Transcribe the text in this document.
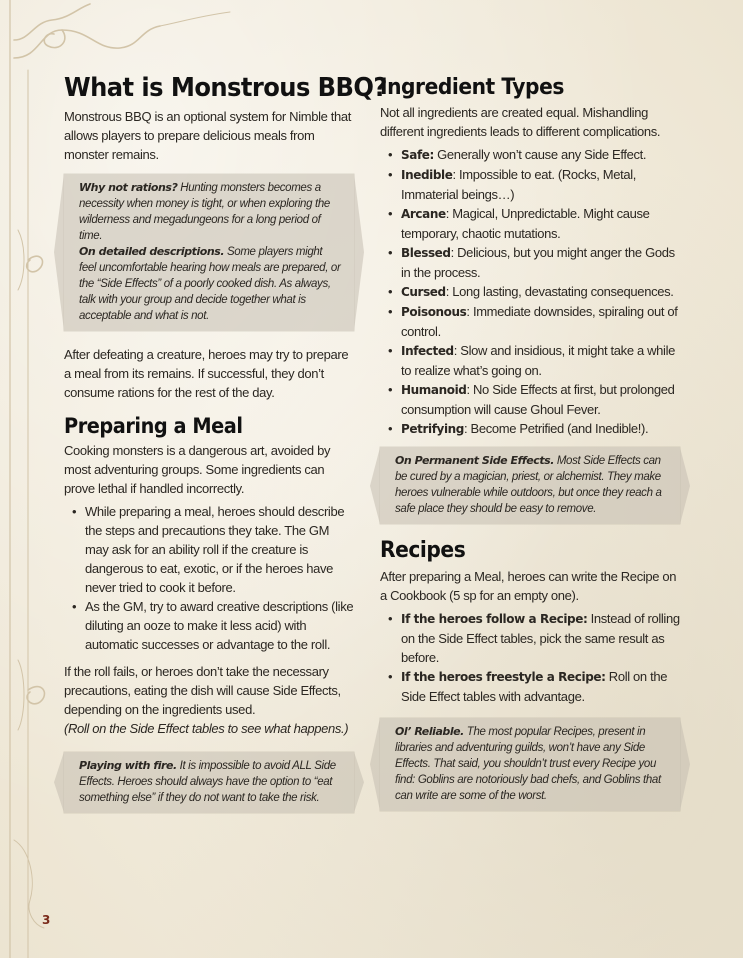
What is Monstrous BBQ?

Monstrous BBQ is an optional system for Nimble that allows players to prepare delicious meals from monster remains.

Why not rations? Hunting monsters becomes a necessity when money is tight, or when exploring the wilderness and megadungeons for a long period of time.

On detailed descriptions. Some players might feel uncomfortable hearing how meals are prepared, or the “Side Effects” of a poorly cooked dish. As always, talk with your group and decide together what is acceptable and what is not.

After defeating a creature, heroes may try to prepare a meal from its remains. If successful, they don’t consume rations for the rest of the day.

Preparing a Meal

Cooking monsters is a dangerous art, avoided by most adventuring groups. Some ingredients can prove lethal if handled incorrectly.

• While preparing a meal, heroes should describe the steps and precautions they take. The GM may ask for an ability roll if the creature is dangerous to eat, exotic, or if the heroes have never tried to cook it before.
• As the GM, try to award creative descriptions (like diluting an ooze to make it less acid) with automatic successes or advantage to the roll.

If the roll fails, or heroes don’t take the necessary precautions, eating the dish will cause Side Effects, depending on the ingredients used.

(Roll on the Side Effect tables to see what happens.)

Playing with fire. It is impossible to avoid ALL Side Effects. Heroes should always have the option to “eat something else” if they do not want to take the risk.

Ingredient Types

Not all ingredients are created equal. Mishandling different ingredients leads to different complications.

• Safe: Generally won’t cause any Side Effect.
• Inedible: Impossible to eat. (Rocks, Metal, Immaterial beings…)
• Arcane: Magical, Unpredictable. Might cause temporary, chaotic mutations.
• Blessed: Delicious, but you might anger the Gods in the process.
• Cursed: Long lasting, devastating consequences.
• Poisonous: Immediate downsides, spiraling out of control.
• Infected: Slow and insidious, it might take a while to realize what’s going on.
• Humanoid: No Side Effects at first, but prolonged consumption will cause Ghoul Fever.
• Petrifying: Become Petrified (and Inedible!).

On Permanent Side Effects. Most Side Effects can be cured by a magician, priest, or alchemist. They make heroes vulnerable while outdoors, but once they reach a safe place they should be easy to remove.

Recipes

After preparing a Meal, heroes can write the Recipe on a Cookbook (5 sp for an empty one).

• If the heroes follow a Recipe: Instead of rolling on the Side Effect tables, pick the same result as before.
• If the heroes freestyle a Recipe: Roll on the Side Effect tables with advantage.

Ol’ Reliable. The most popular Recipes, present in libraries and adventuring guilds, won’t have any Side Effects. That said, you shouldn’t trust every Recipe you find: Goblins are notoriously bad chefs, and Goblins that can write are some of the worst.

3
